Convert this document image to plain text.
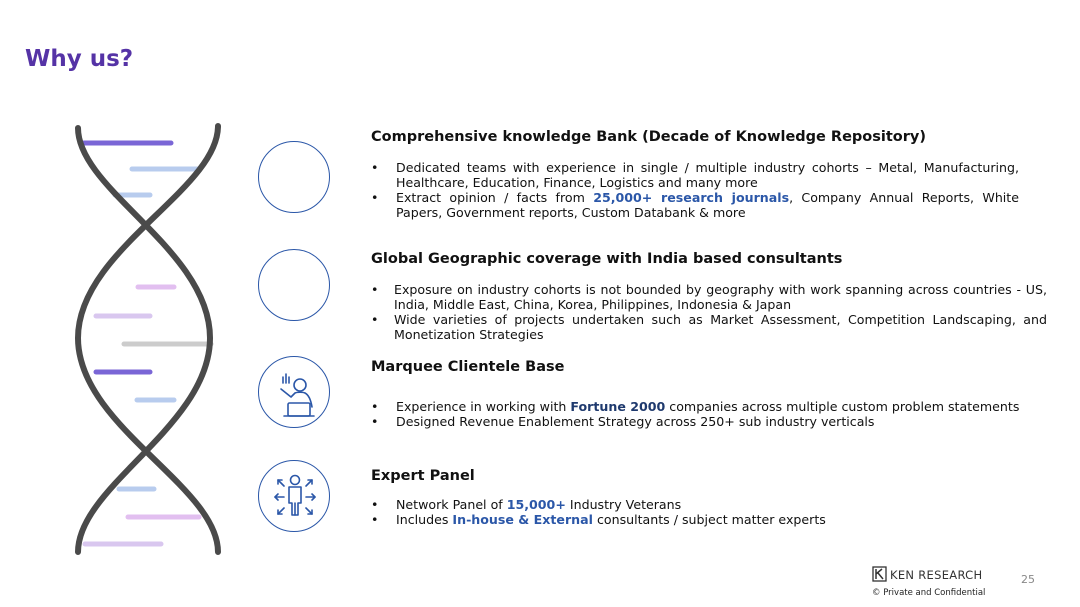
Why us?
Comprehensive knowledge Bank (Decade of Knowledge Repository)
• Dedicated teams with experience in single / multiple industry cohorts – Metal, Manufacturing, Healthcare, Education, Finance, Logistics and many more
• Extract opinion / facts from 25,000+ research journals, Company Annual Reports, White Papers, Government reports, Custom Databank & more
Global Geographic coverage with India based consultants
• Exposure on industry cohorts is not bounded by geography with work spanning across countries - US, India, Middle East, China, Korea, Philippines, Indonesia & Japan
• Wide varieties of projects undertaken such as Market Assessment, Competition Landscaping, and Monetization Strategies
Marquee Clientele Base
• Experience in working with Fortune 2000 companies across multiple custom problem statements
• Designed Revenue Enablement Strategy across 250+ sub industry verticals
Expert Panel
• Network Panel of 15,000+ Industry Veterans
• Includes In-house & External consultants / subject matter experts
KEN RESEARCH
© Private and Confidential
25
